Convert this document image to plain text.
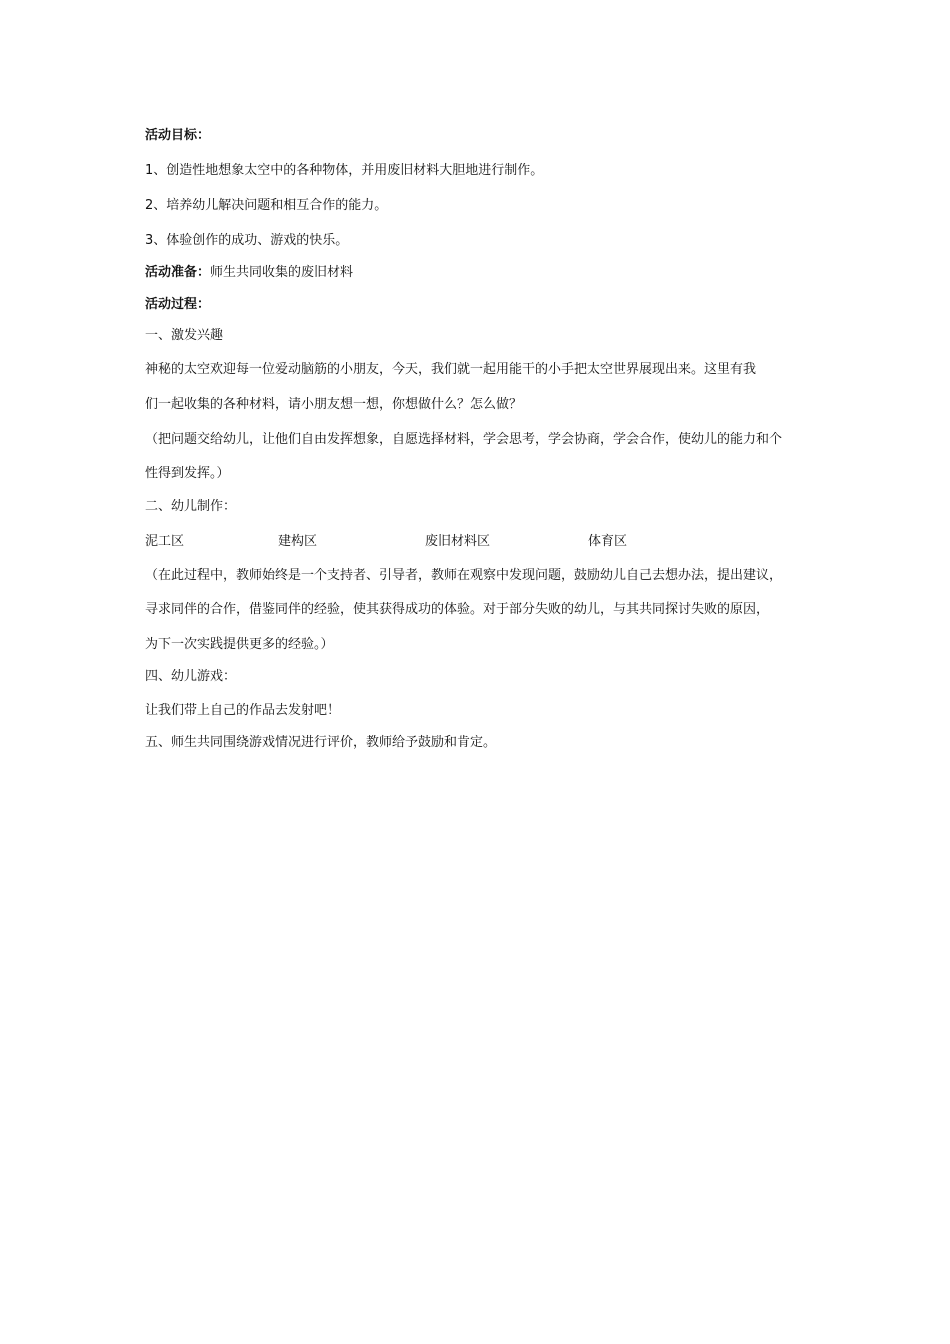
活动目标：

1、创造性地想象太空中的各种物体，并用废旧材料大胆地进行制作。

2、培养幼儿解决问题和相互合作的能力。

3、体验创作的成功、游戏的快乐。

活动准备：师生共同收集的废旧材料

活动过程：

一、激发兴趣

神秘的太空欢迎每一位爱动脑筋的小朋友，今天，我们就一起用能干的小手把太空世界展现出来。这里有我

们一起收集的各种材料，请小朋友想一想，你想做什么？怎么做？

（把问题交给幼儿，让他们自由发挥想象，自愿选择材料，学会思考，学会协商，学会合作，使幼儿的能力和个

性得到发挥。）

二、幼儿制作：

泥工区	建构区	废旧材料区	体育区

（在此过程中，教师始终是一个支持者、引导者，教师在观察中发现问题，鼓励幼儿自己去想办法，提出建议，

寻求同伴的合作，借鉴同伴的经验，使其获得成功的体验。对于部分失败的幼儿，与其共同探讨失败的原因，

为下一次实践提供更多的经验。）

四、幼儿游戏：

让我们带上自己的作品去发射吧！

五、师生共同围绕游戏情况进行评价，教师给予鼓励和肯定。
